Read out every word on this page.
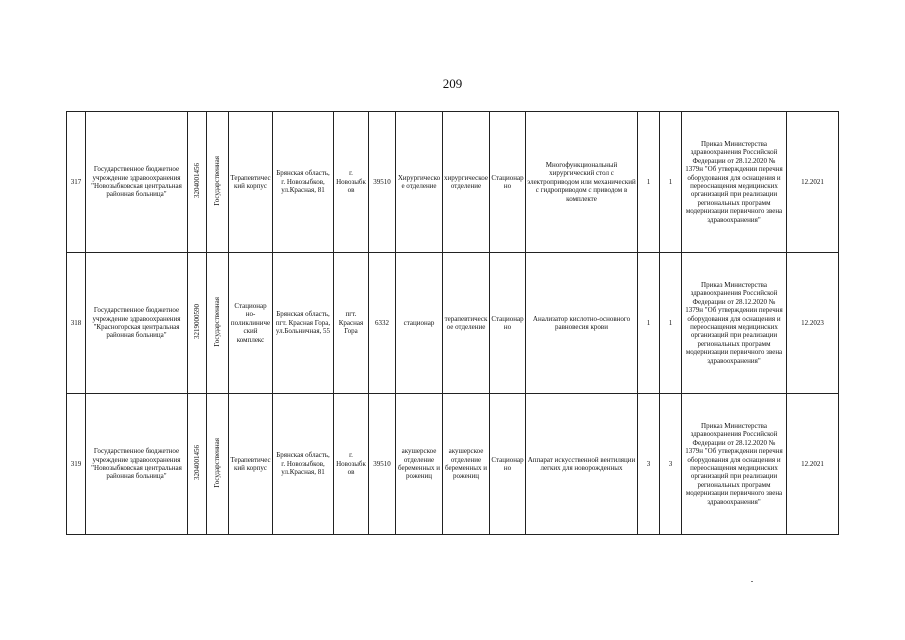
209
317	Государственное бюджетное учреждение здравоохранения "Новозыбковская центральная районная больница"	3204001456	Государственная	Терапевтический корпус	Брянская область, г. Новозыбков, ул.Красная, 81	г. Новозыбков	39510	Хирургическое отделение	хирургическое отделение	Стационарно	Многофункциональный хирургический стол с электроприводом или механический с гидроприводом с приводом в комплекте	1	1	Приказ Министерства здравоохранения Российской Федерации от 28.12.2020 № 1379н "Об утверждении перечня оборудования для оснащения и переоснащения медицинских организаций при реализации региональных программ модернизации первичного звена здравоохранения"	12.2021
318	Государственное бюджетное учреждение здравоохранения "Красногорская центральная районная больница"	3219000590	Государственная	Стационар но-поликлинический комплекс	Брянская область, пгт. Красная Гора, ул.Больничная, 55	пгт. Красная Гора	6332	стационар	терапевтическое отделение	Стационарно	Анализатор кислотно-основного равновесия крови	1	1	Приказ Министерства здравоохранения Российской Федерации от 28.12.2020 № 1379н "Об утверждении перечня оборудования для оснащения и переоснащения медицинских организаций при реализации региональных программ модернизации первичного звена здравоохранения"	12.2023
319	Государственное бюджетное учреждение здравоохранения "Новозыбковская центральная районная больница"	3204001456	Государственная	Терапевтический корпус	Брянская область, г. Новозыбков, ул.Красная, 81	г. Новозыбков	39510	акушерское отделение беременных и рожениц	акушерское отделение беременных и рожениц	Стационарно	Аппарат искусственной вентиляции легких для новорожденных	3	3	Приказ Министерства здравоохранения Российской Федерации от 28.12.2020 № 1379н "Об утверждении перечня оборудования для оснащения и переоснащения медицинских организаций при реализации региональных программ модернизации первичного звена здравоохранения"	12.2021
